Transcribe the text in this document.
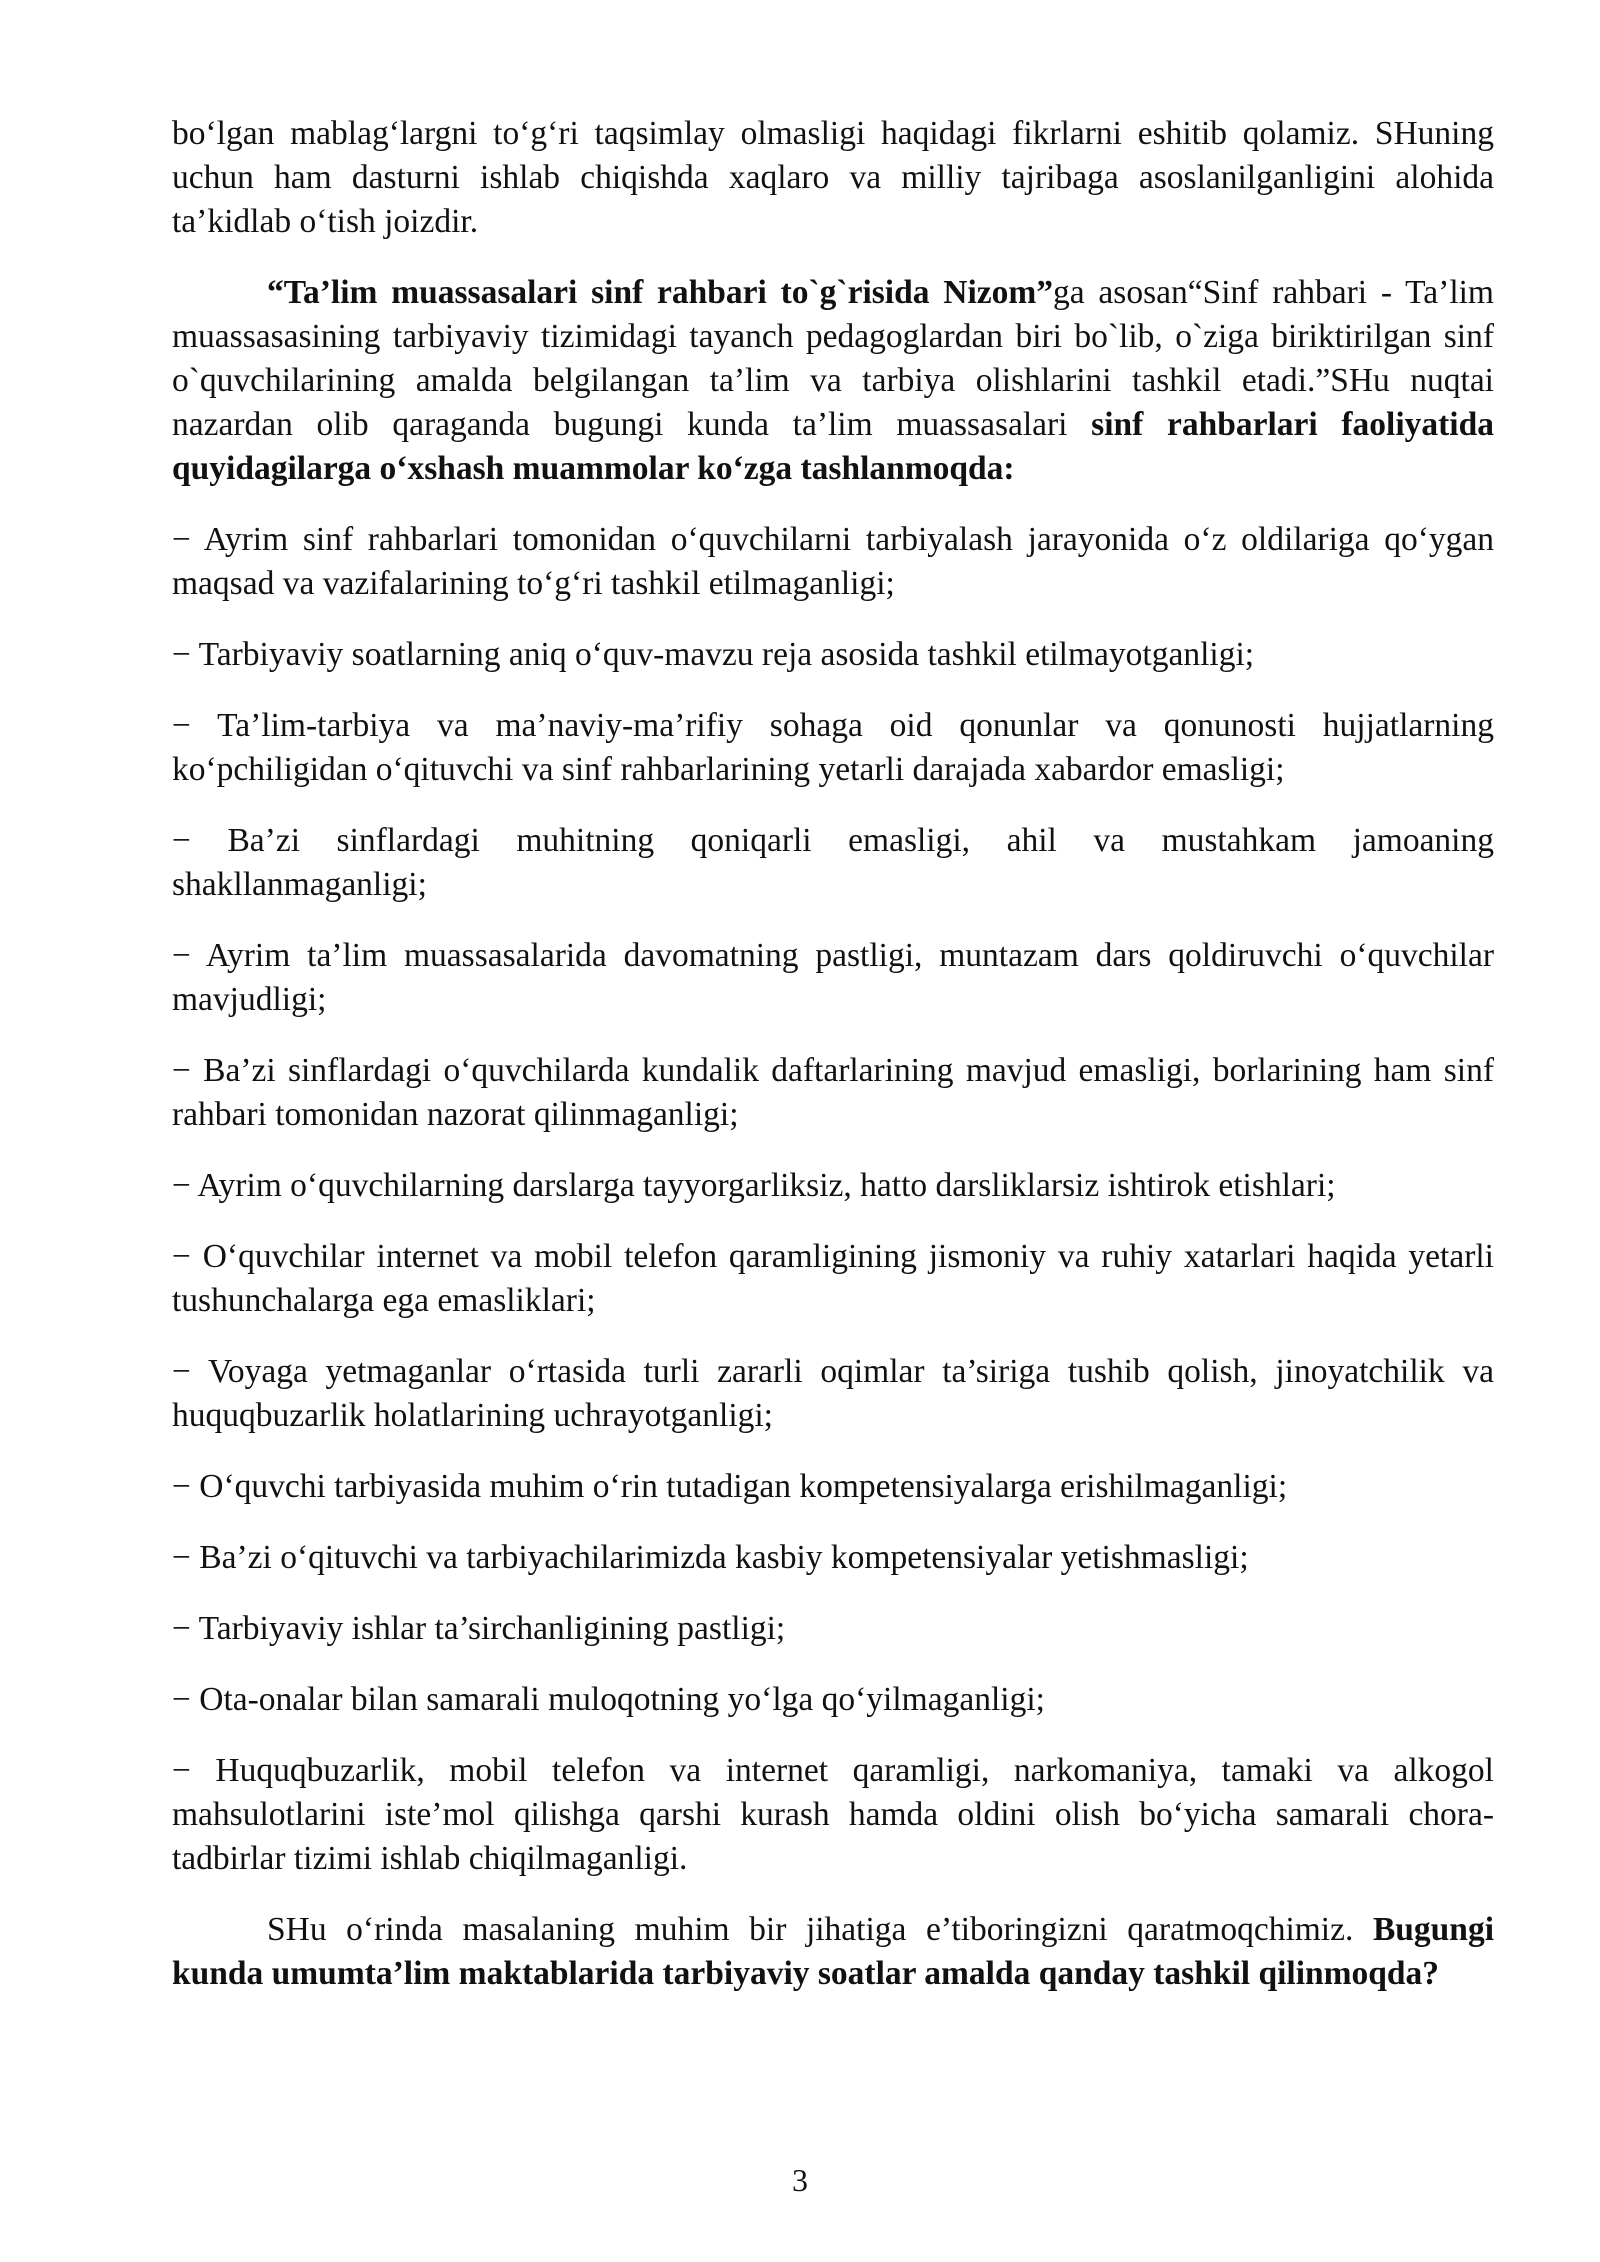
bo‘lgan mablag‘largni to‘g‘ri taqsimlay olmasligi haqidagi fikrlarni eshitib qolamiz. SHuning uchun ham dasturni ishlab chiqishda xaqlaro va milliy tajribaga asoslanilganligini alohida ta’kidlab o‘tish joizdir.

“Ta’lim muassasalari sinf rahbari to`g`risida Nizom”ga asosan“Sinf rahbari - Ta’lim muassasasining tarbiyaviy tizimidagi tayanch pedagoglardan biri bo`lib, o`ziga biriktirilgan sinf o`quvchilarining amalda belgilangan ta’lim va tarbiya olishlarini tashkil etadi.”SHu nuqtai nazardan olib qaraganda bugungi kunda ta’lim muassasalari sinf rahbarlari faoliyatida quyidagilarga o‘xshash muammolar ko‘zga tashlanmoqda:

− Ayrim sinf rahbarlari tomonidan o‘quvchilarni tarbiyalash jarayonida o‘z oldilariga qo‘ygan maqsad va vazifalarining to‘g‘ri tashkil etilmaganligi;

− Tarbiyaviy soatlarning aniq o‘quv-mavzu reja asosida tashkil etilmayotganligi;

− Ta’lim-tarbiya va ma’naviy-ma’rifiy sohaga oid qonunlar va qonunosti hujjatlarning ko‘pchiligidan o‘qituvchi va sinf rahbarlarining yetarli darajada xabardor emasligi;

− Ba’zi sinflardagi muhitning qoniqarli emasligi, ahil va mustahkam jamoaning shakllanmaganligi;

− Ayrim ta’lim muassasalarida davomatning pastligi, muntazam dars qoldiruvchi o‘quvchilar mavjudligi;

− Ba’zi sinflardagi o‘quvchilarda kundalik daftarlarining mavjud emasligi, borlarining ham sinf rahbari tomonidan nazorat qilinmaganligi;

− Ayrim o‘quvchilarning darslarga tayyorgarliksiz, hatto darsliklarsiz ishtirok etishlari;

− O‘quvchilar internet va mobil telefon qaramligining jismoniy va ruhiy xatarlari haqida yetarli tushunchalarga ega emasliklari;

− Voyaga yetmaganlar o‘rtasida turli zararli oqimlar ta’siriga tushib qolish, jinoyatchilik va huquqbuzarlik holatlarining uchrayotganligi;

− O‘quvchi tarbiyasida muhim o‘rin tutadigan kompetensiyalarga erishilmaganligi;

− Ba’zi o‘qituvchi va tarbiyachilarimizda kasbiy kompetensiyalar yetishmasligi;

− Tarbiyaviy ishlar ta’sirchanligining pastligi;

− Ota-onalar bilan samarali muloqotning yo‘lga qo‘yilmaganligi;

− Huquqbuzarlik, mobil telefon va internet qaramligi, narkomaniya, tamaki va alkogol mahsulotlarini iste’mol qilishga qarshi kurash hamda oldini olish bo‘yicha samarali chora-tadbirlar tizimi ishlab chiqilmaganligi.

SHu o‘rinda masalaning muhim bir jihatiga e’tiboringizni qaratmoqchimiz. Bugungi kunda umumta’lim maktablarida tarbiyaviy soatlar amalda qanday tashkil qilinmoqda?

3
